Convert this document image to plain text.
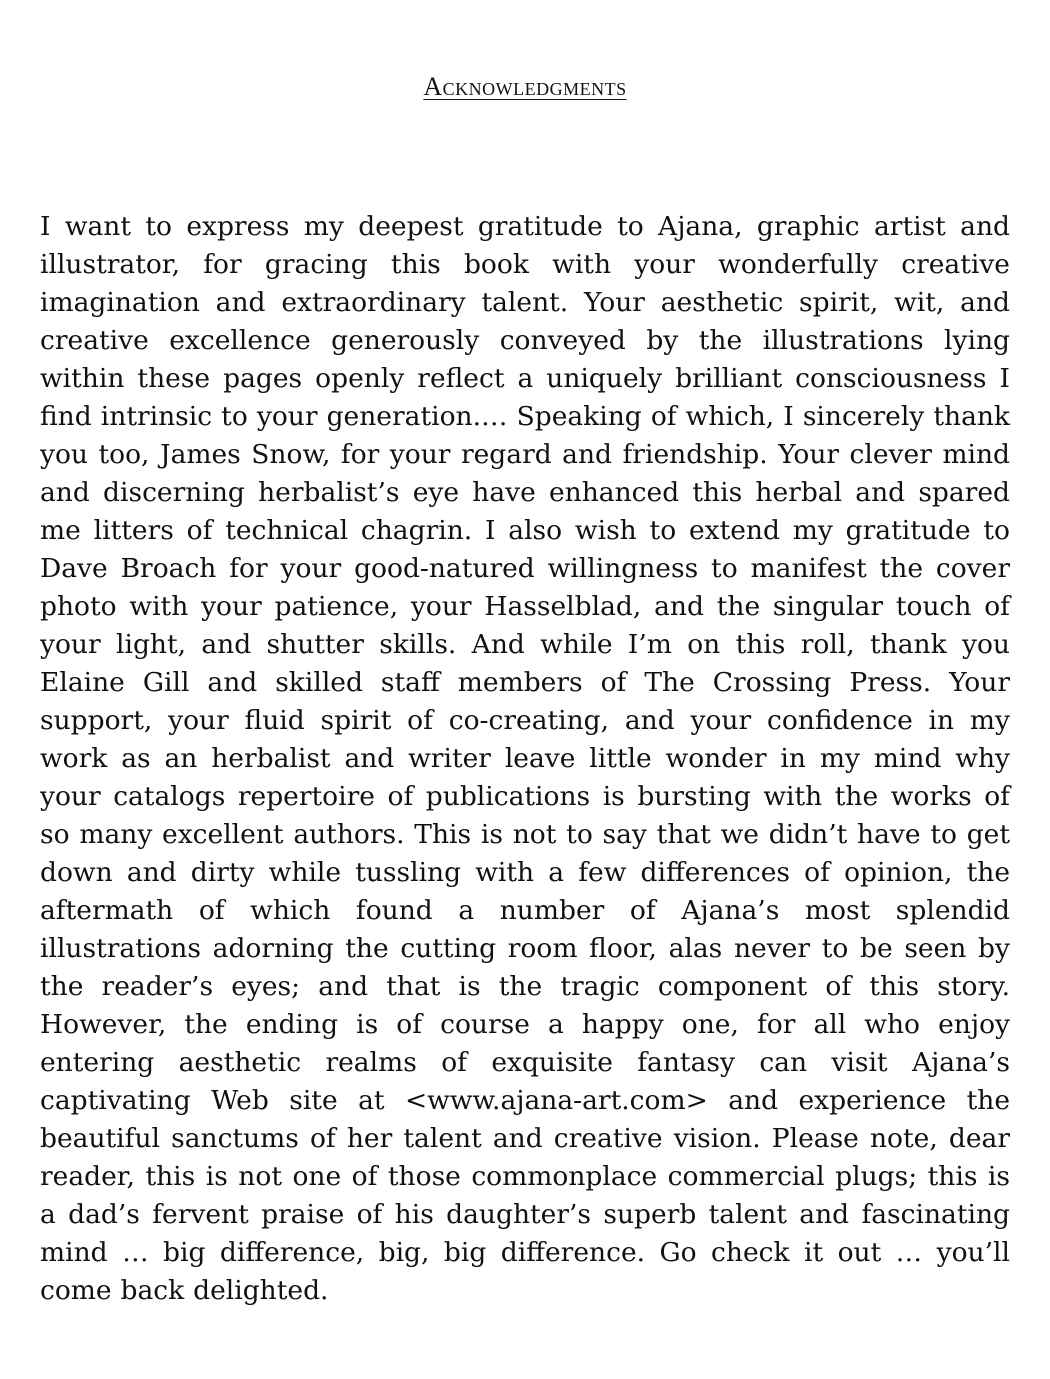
Acknowledgments

I want to express my deepest gratitude to Ajana, graphic artist and illustrator, for gracing this book with your wonderfully creative imagination and extraordinary talent. Your aesthetic spirit, wit, and creative excellence generously conveyed by the illustrations lying within these pages openly reflect a uniquely brilliant consciousness I find intrinsic to your generation.… Speaking of which, I sincerely thank you too, James Snow, for your regard and friendship. Your clever mind and discerning herbalist’s eye have enhanced this herbal and spared me litters of technical chagrin. I also wish to extend my gratitude to Dave Broach for your good-natured willingness to manifest the cover photo with your patience, your Hasselblad, and the singular touch of your light, and shutter skills. And while I’m on this roll, thank you Elaine Gill and skilled staff members of The Crossing Press. Your support, your fluid spirit of co-creating, and your confidence in my work as an herbalist and writer leave little wonder in my mind why your catalogs repertoire of publications is bursting with the works of so many excellent authors. This is not to say that we didn’t have to get down and dirty while tussling with a few differences of opinion, the aftermath of which found a number of Ajana’s most splendid illustrations adorning the cutting room floor, alas never to be seen by the reader’s eyes; and that is the tragic component of this story. However, the ending is of course a happy one, for all who enjoy entering aesthetic realms of exquisite fantasy can visit Ajana’s captivating Web site at <www.ajana-art.com> and experience the beautiful sanctums of her talent and creative vision. Please note, dear reader, this is not one of those commonplace commercial plugs; this is a dad’s fervent praise of his daughter’s superb talent and fascinating mind … big difference, big, big difference. Go check it out … you’ll come back delighted.
